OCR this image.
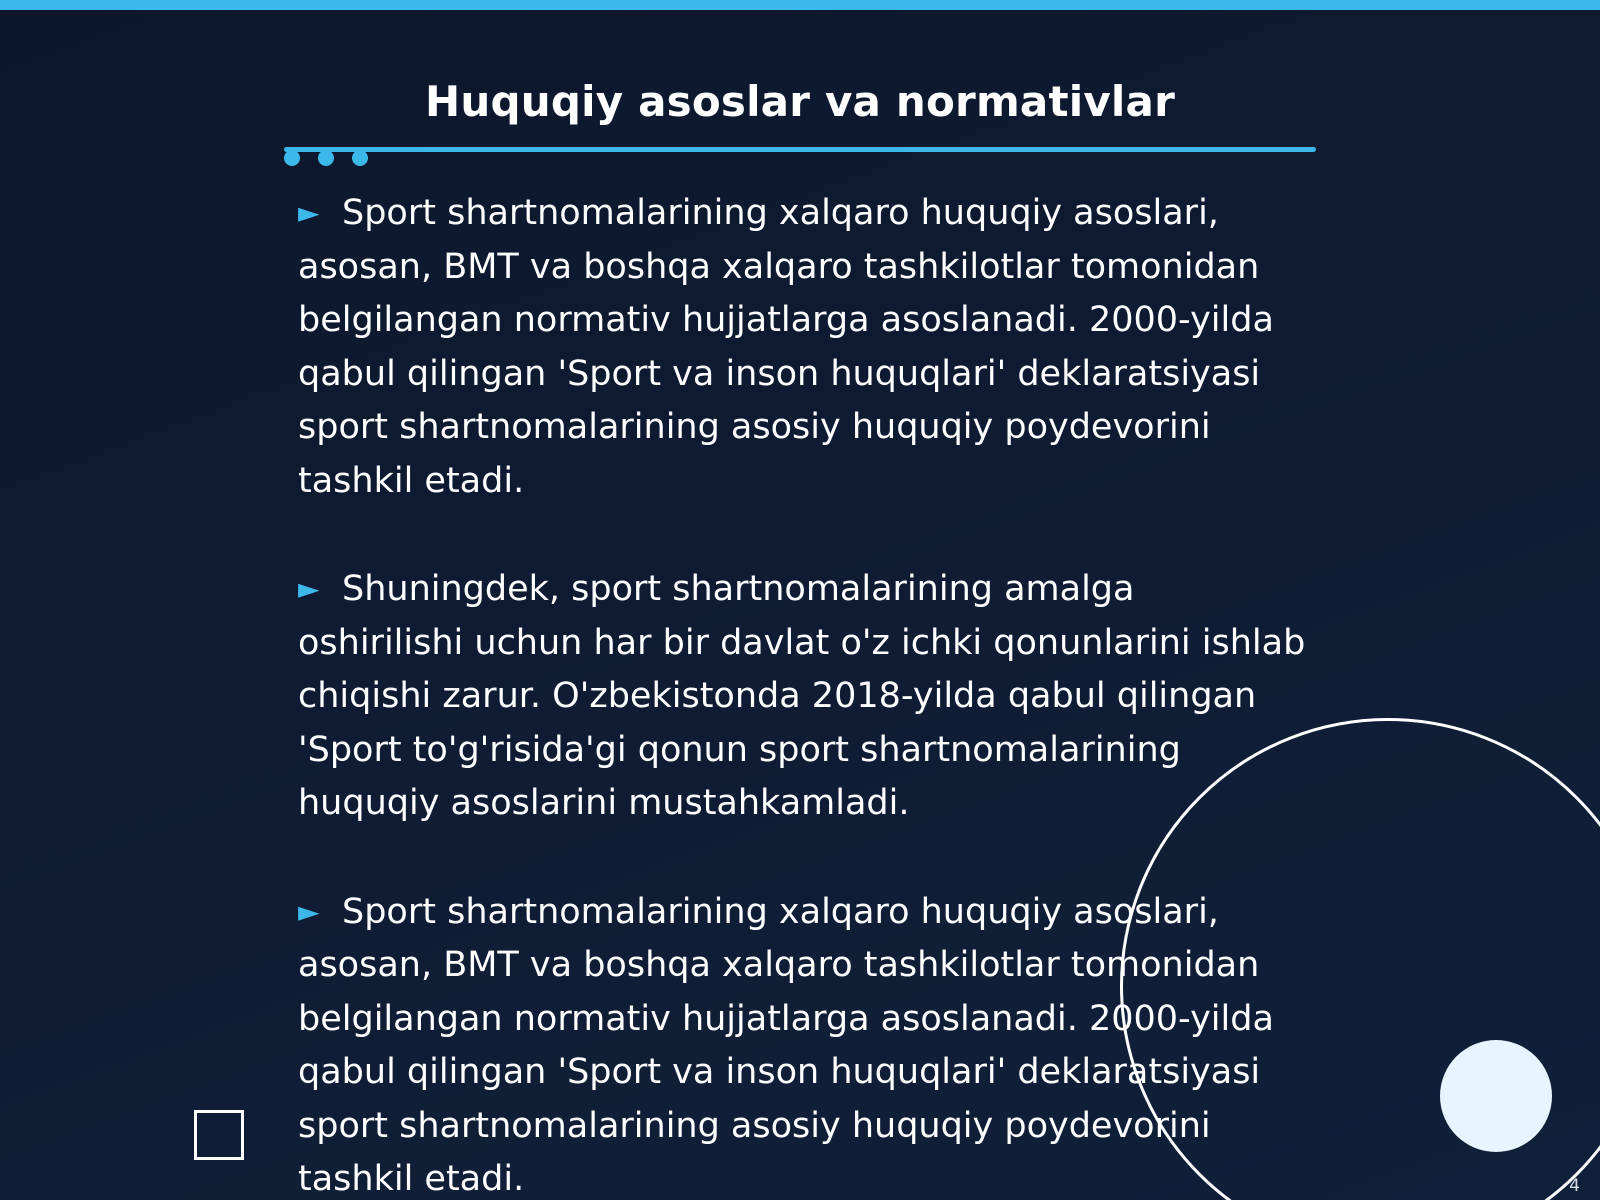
Huquqiy asoslar va normativlar

► Sport shartnomalarining xalqaro huquqiy asoslari, asosan, BMT va boshqa xalqaro tashkilotlar tomonidan belgilangan normativ hujjatlarga asoslanadi. 2000-yilda qabul qilingan 'Sport va inson huquqlari' deklaratsiyasi sport shartnomalarining asosiy huquqiy poydevorini tashkil etadi.

► Shuningdek, sport shartnomalarining amalga oshirilishi uchun har bir davlat o'z ichki qonunlarini ishlab chiqishi zarur. O'zbekistonda 2018-yilda qabul qilingan 'Sport to'g'risida'gi qonun sport shartnomalarining huquqiy asoslarini mustahkamladi.

► Sport shartnomalarining xalqaro huquqiy asoslari, asosan, BMT va boshqa xalqaro tashkilotlar tomonidan belgilangan normativ hujjatlarga asoslanadi. 2000-yilda qabul qilingan 'Sport va inson huquqlari' deklaratsiyasi sport shartnomalarining asosiy huquqiy poydevorini tashkil etadi.	4
